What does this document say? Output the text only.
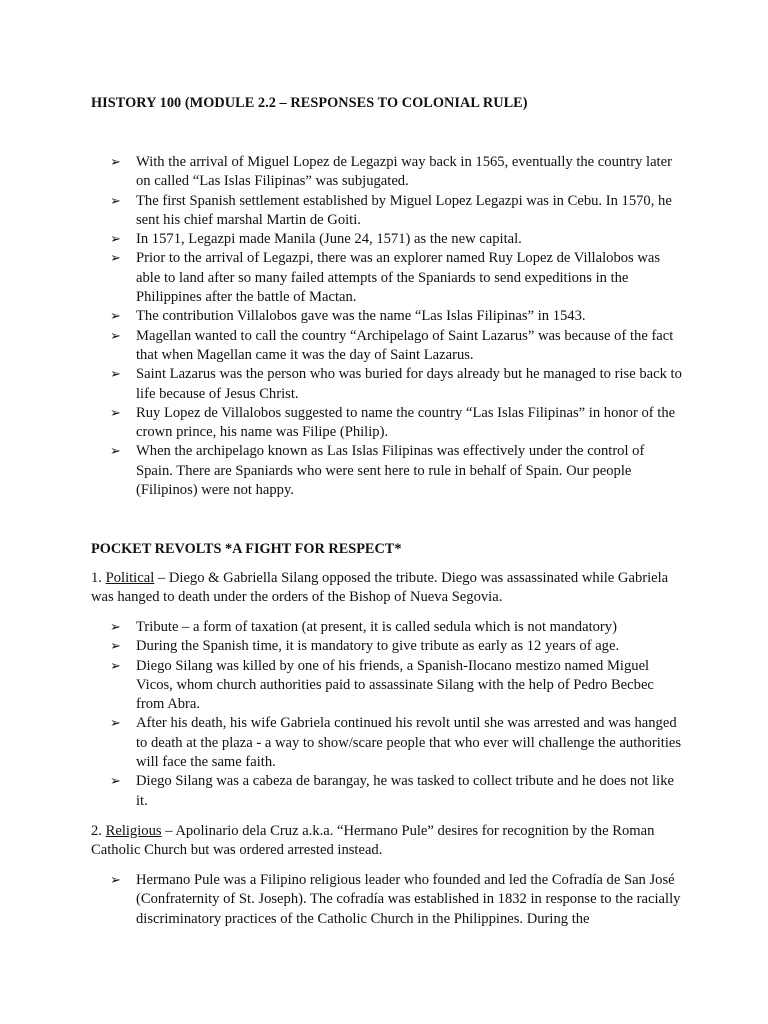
HISTORY 100 (MODULE 2.2 – RESPONSES TO COLONIAL RULE)
➢ With the arrival of Miguel Lopez de Legazpi way back in 1565, eventually the country later on called “Las Islas Filipinas” was subjugated.
➢ The first Spanish settlement established by Miguel Lopez Legazpi was in Cebu. In 1570, he sent his chief marshal Martin de Goiti.
➢ In 1571, Legazpi made Manila (June 24, 1571) as the new capital.
➢ Prior to the arrival of Legazpi, there was an explorer named Ruy Lopez de Villalobos was able to land after so many failed attempts of the Spaniards to send expeditions in the Philippines after the battle of Mactan.
➢ The contribution Villalobos gave was the name “Las Islas Filipinas” in 1543.
➢ Magellan wanted to call the country “Archipelago of Saint Lazarus” was because of the fact that when Magellan came it was the day of Saint Lazarus.
➢ Saint Lazarus was the person who was buried for days already but he managed to rise back to life because of Jesus Christ.
➢ Ruy Lopez de Villalobos suggested to name the country “Las Islas Filipinas” in honor of the crown prince, his name was Filipe (Philip).
➢ When the archipelago known as Las Islas Filipinas was effectively under the control of Spain. There are Spaniards who were sent here to rule in behalf of Spain. Our people (Filipinos) were not happy.
POCKET REVOLTS *A FIGHT FOR RESPECT*
1. Political – Diego & Gabriella Silang opposed the tribute. Diego was assassinated while Gabriela was hanged to death under the orders of the Bishop of Nueva Segovia.
➢ Tribute – a form of taxation (at present, it is called sedula which is not mandatory)
➢ During the Spanish time, it is mandatory to give tribute as early as 12 years of age.
➢ Diego Silang was killed by one of his friends, a Spanish-Ilocano mestizo named Miguel Vicos, whom church authorities paid to assassinate Silang with the help of Pedro Becbec from Abra.
➢ After his death, his wife Gabriela continued his revolt until she was arrested and was hanged to death at the plaza - a way to show/scare people that who ever will challenge the authorities will face the same faith.
➢ Diego Silang was a cabeza de barangay, he was tasked to collect tribute and he does not like it.
2. Religious – Apolinario dela Cruz a.k.a. “Hermano Pule” desires for recognition by the Roman Catholic Church but was ordered arrested instead.
➢ Hermano Pule was a Filipino religious leader who founded and led the Cofradía de San José (Confraternity of St. Joseph). The cofradía was established in 1832 in response to the racially discriminatory practices of the Catholic Church in the Philippines. During the
